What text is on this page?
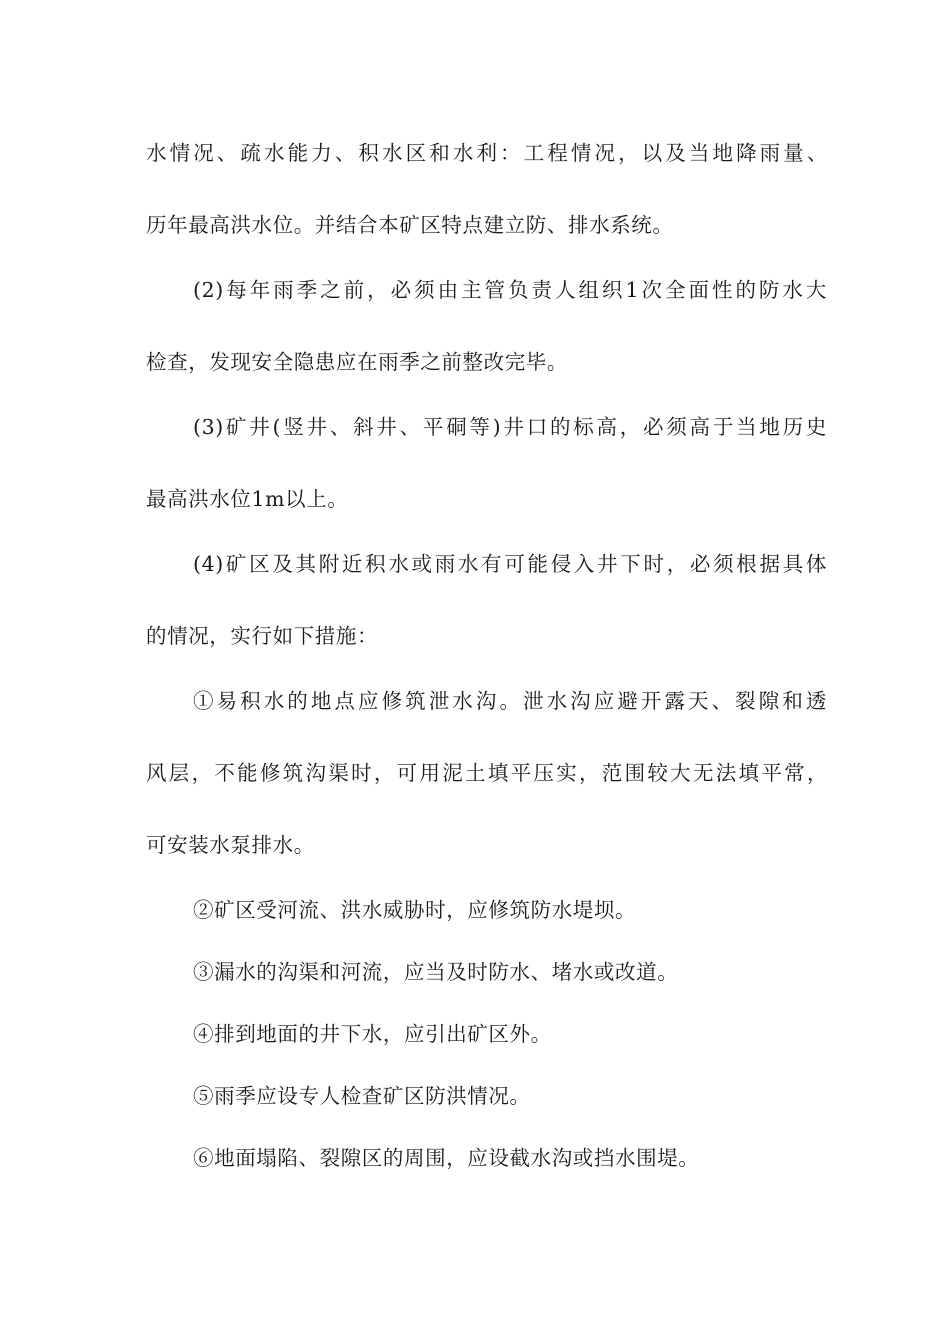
水情况、疏水能力、积水区和水利：工程情况，以及当地降雨量、
历年最高洪水位。并结合本矿区特点建立防、排水系统。
(2)每年雨季之前，必须由主管负责人组织1次全面性的防水大
检查，发现安全隐患应在雨季之前整改完毕。
(3)矿井(竖井、斜井、平硐等)井口的标高，必须高于当地历史
最高洪水位1m以上。
(4)矿区及其附近积水或雨水有可能侵入井下时，必须根据具体
的情况，实行如下措施：
①易积水的地点应修筑泄水沟。泄水沟应避开露天、裂隙和透
风层，不能修筑沟渠时，可用泥土填平压实，范围较大无法填平常，
可安装水泵排水。
②矿区受河流、洪水威胁时，应修筑防水堤坝。
③漏水的沟渠和河流，应当及时防水、堵水或改道。
④排到地面的井下水，应引出矿区外。
⑤雨季应设专人检查矿区防洪情况。
⑥地面塌陷、裂隙区的周围，应设截水沟或挡水围堤。
